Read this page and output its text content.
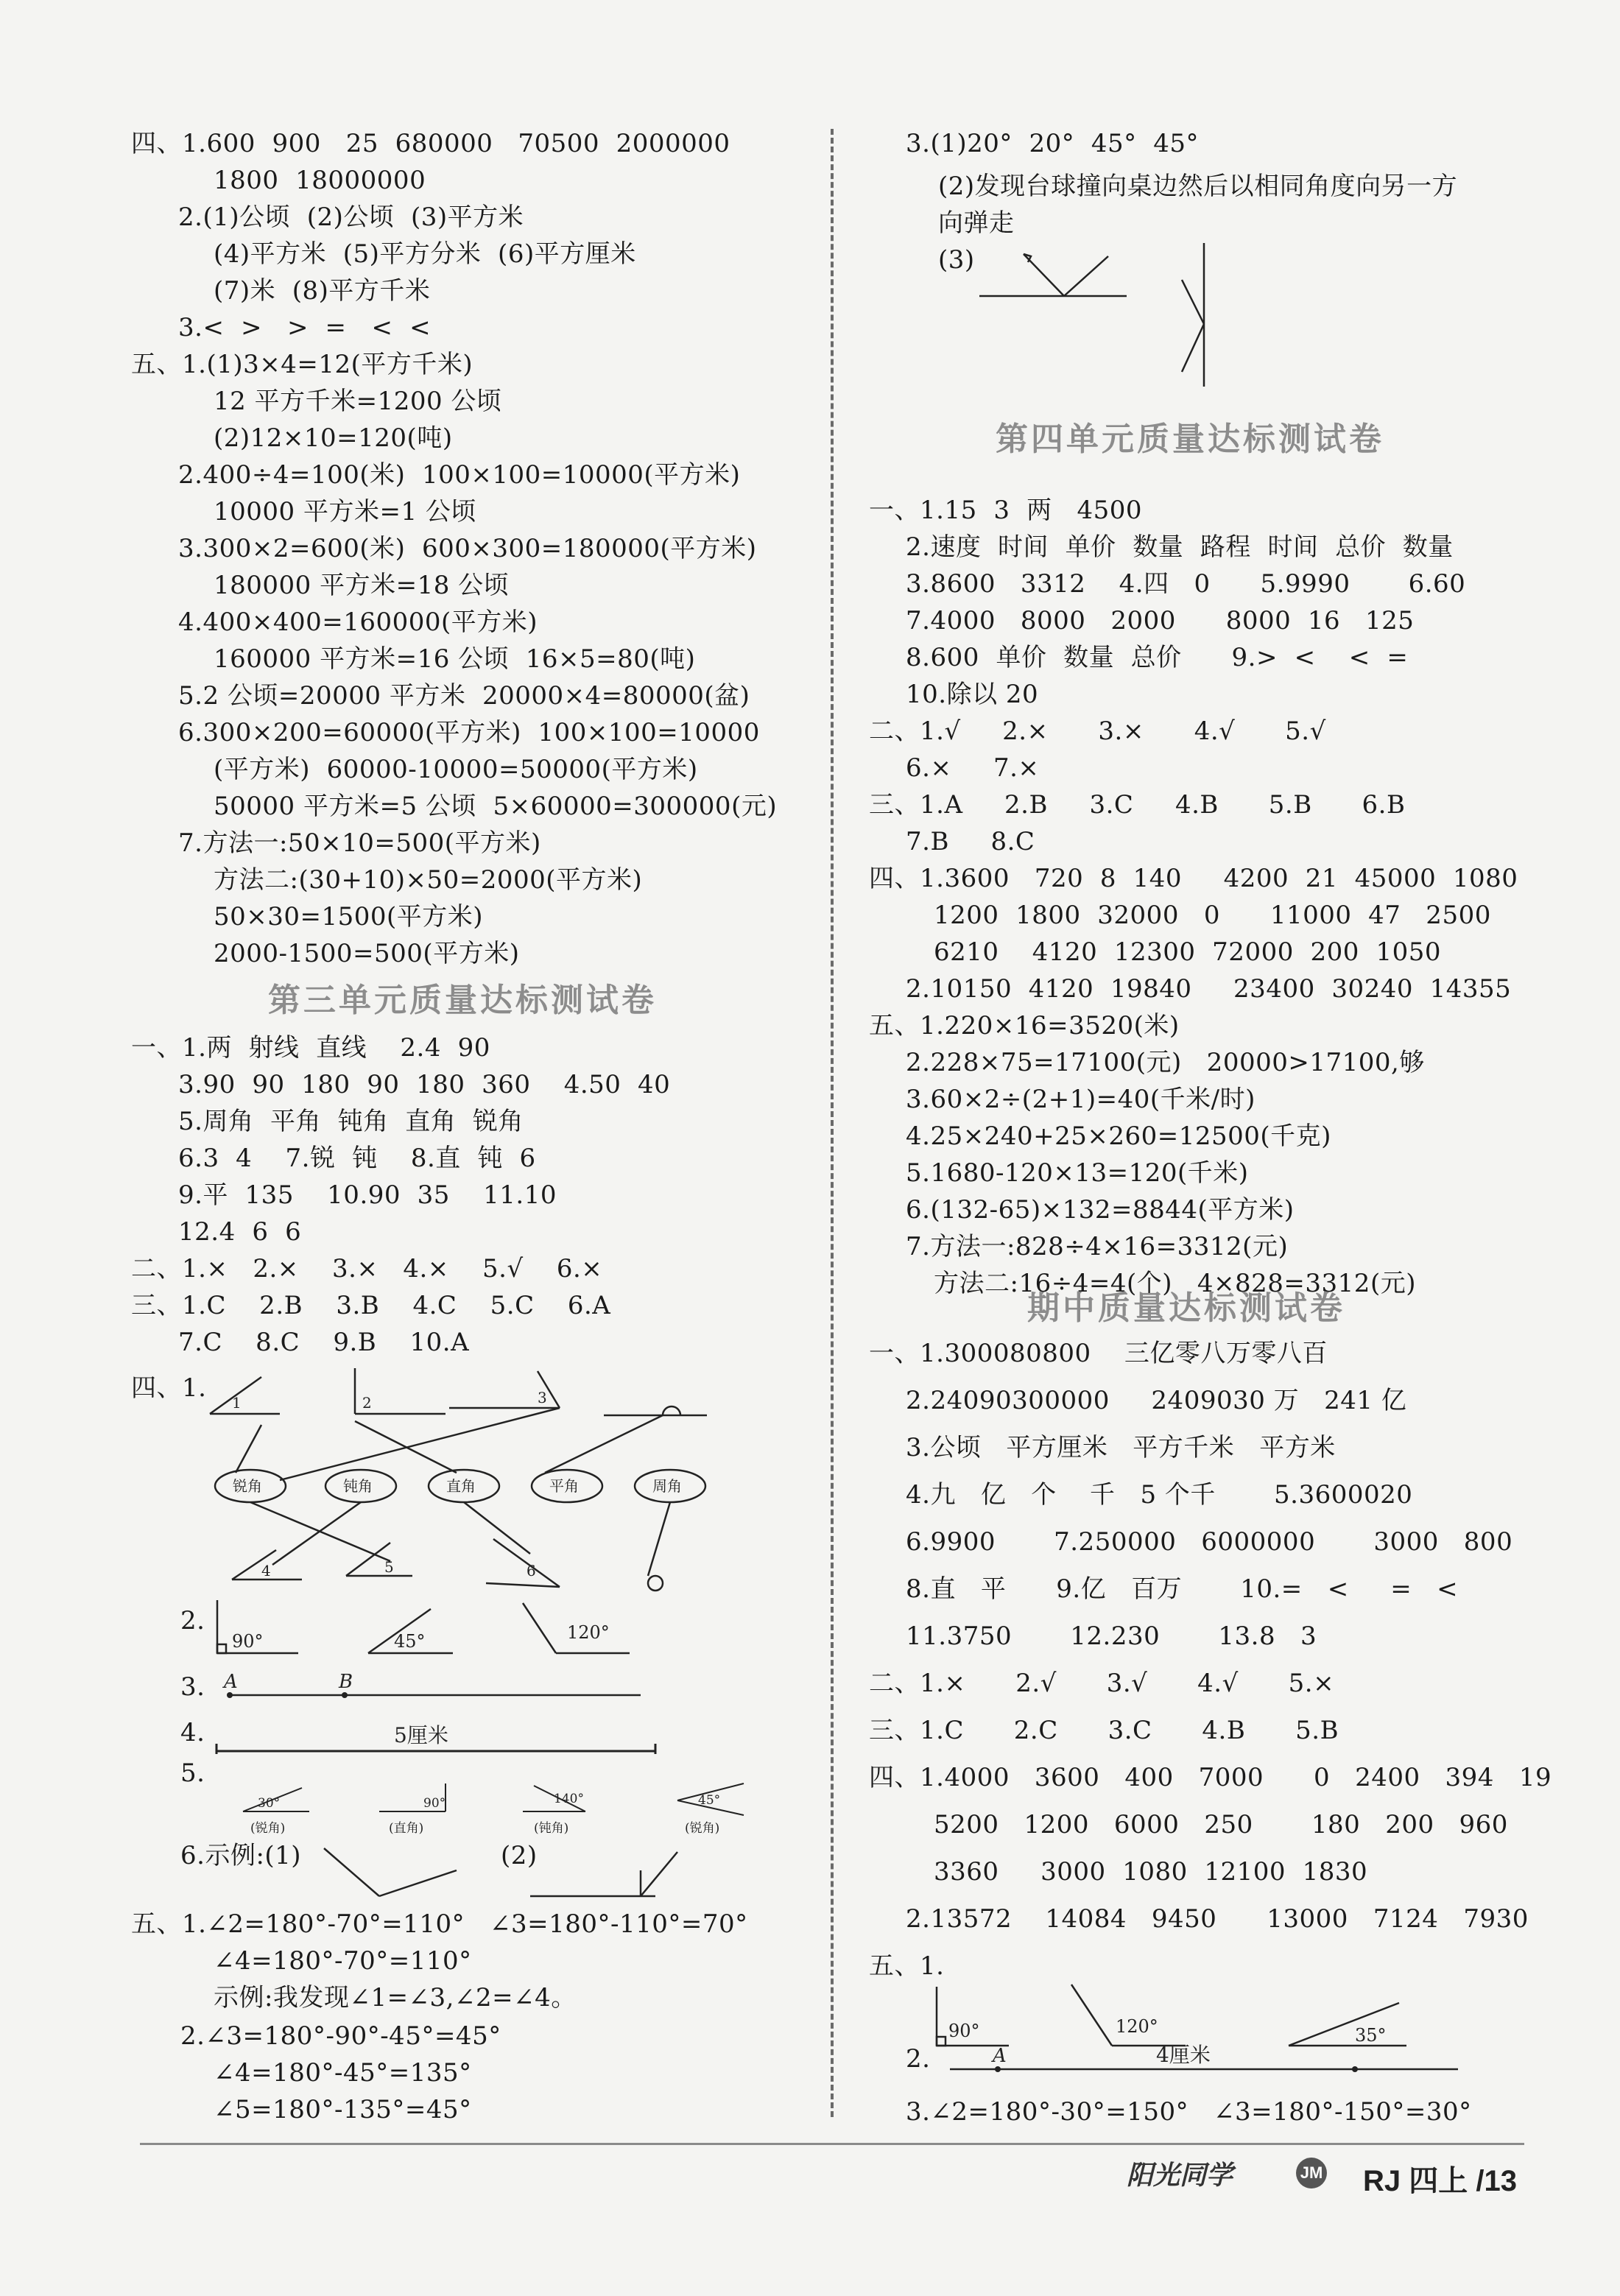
四、1.600  900   25  680000   70500  2000000
1800  18000000
2.(1)公顷  (2)公顷  (3)平方米
(4)平方米  (5)平方分米  (6)平方厘米
(7)米  (8)平方千米
3.<  >   >  =   <  <
五、1.(1)3×4=12(平方千米)
12 平方千米=1200 公顷
(2)12×10=120(吨)
2.400÷4=100(米)  100×100=10000(平方米)
10000 平方米=1 公顷
3.300×2=600(米)  600×300=180000(平方米)
180000 平方米=18 公顷
4.400×400=160000(平方米)
160000 平方米=16 公顷  16×5=80(吨)
5.2 公顷=20000 平方米  20000×4=80000(盆)
6.300×200=60000(平方米)  100×100=10000
(平方米)  60000-10000=50000(平方米)
50000 平方米=5 公顷  5×60000=300000(元)
7.方法一:50×10=500(平方米)
方法二:(30+10)×50=2000(平方米)
50×30=1500(平方米)
2000-1500=500(平方米)
第三单元质量达标测试卷
一、1.两  射线  直线    2.4  90
3.90  90  180  90  180  360    4.50  40
5.周角  平角  钝角  直角  锐角
6.3  4    7.锐  钝    8.直  钝  6
9.平  135    10.90  35    11.10
12.4  6  6
二、1.×   2.×    3.×   4.×    5.√    6.×
三、1.C    2.B    3.B    4.C    5.C    6.A
7.C    8.C    9.B    10.A
四、1. 1	2	3
4	5	6
锐角	钝角	直角	平角	周角
2.
90°	45°	120°
3. A	B
4.	5厘米
5.
30°	90°	140°	45°
(锐角)	(直角)	(钝角)	(锐角)
6.示例:(1)	(2)
五、1.∠2=180°-70°=110°   ∠3=180°-110°=70°
∠4=180°-70°=110°
示例:我发现∠1=∠3,∠2=∠4。
2.∠3=180°-90°-45°=45°
∠4=180°-45°=135°
∠5=180°-135°=45°
3.(1)20°  20°  45°  45°
(2)发现台球撞向桌边然后以相同角度向另一方
向弹走
(3)
第四单元质量达标测试卷
一、1.15  3  两   4500
2.速度  时间  单价  数量  路程  时间  总价  数量
3.8600   3312    4.四   0      5.9990       6.60
7.4000   8000   2000      8000  16   125
8.600  单价  数量  总价      9.>  <    <  =
10.除以 20
二、1.√     2.×      3.×      4.√      5.√
6.×     7.×
三、1.A     2.B     3.C     4.B      5.B      6.B
7.B     8.C
四、1.3600   720  8  140     4200  21  45000  1080
1200  1800  32000   0      11000  47   2500
6210    4120  12300  72000  200  1050
2.10150  4120  19840     23400  30240  14355
五、1.220×16=3520(米)
2.228×75=17100(元)   20000>17100,够
3.60×2÷(2+1)=40(千米/时)
4.25×240+25×260=12500(千克)
5.1680-120×13=120(千米)
6.(132-65)×132=8844(平方米)
7.方法一:828÷4×16=3312(元)
方法二:16÷4=4(个)   4×828=3312(元)
期中质量达标测试卷
一、1.300080800    三亿零八万零八百
2.24090300000     2409030 万   241 亿
3.公顷   平方厘米   平方千米   平方米
4.九   亿   个    千   5 个千       5.3600020
6.9900       7.250000   6000000       3000   800
8.直   平      9.亿   百万       10.=   <     =   <
11.3750       12.230       13.8   3
二、1.×      2.√      3.√      4.√      5.×
三、1.C      2.C      3.C      4.B      5.B
四、1.4000   3600   400   7000      0   2400   394   19
5200   1200   6000   250       180   200   960
3360     3000  1080  12100  1830
2.13572    14084   9450      13000   7124   7930
五、1.
90°	120°	35°
2.	A	4厘米
3.∠2=180°-30°=150°   ∠3=180°-150°=30°
阳光同学	JM RJ 四上 /13
